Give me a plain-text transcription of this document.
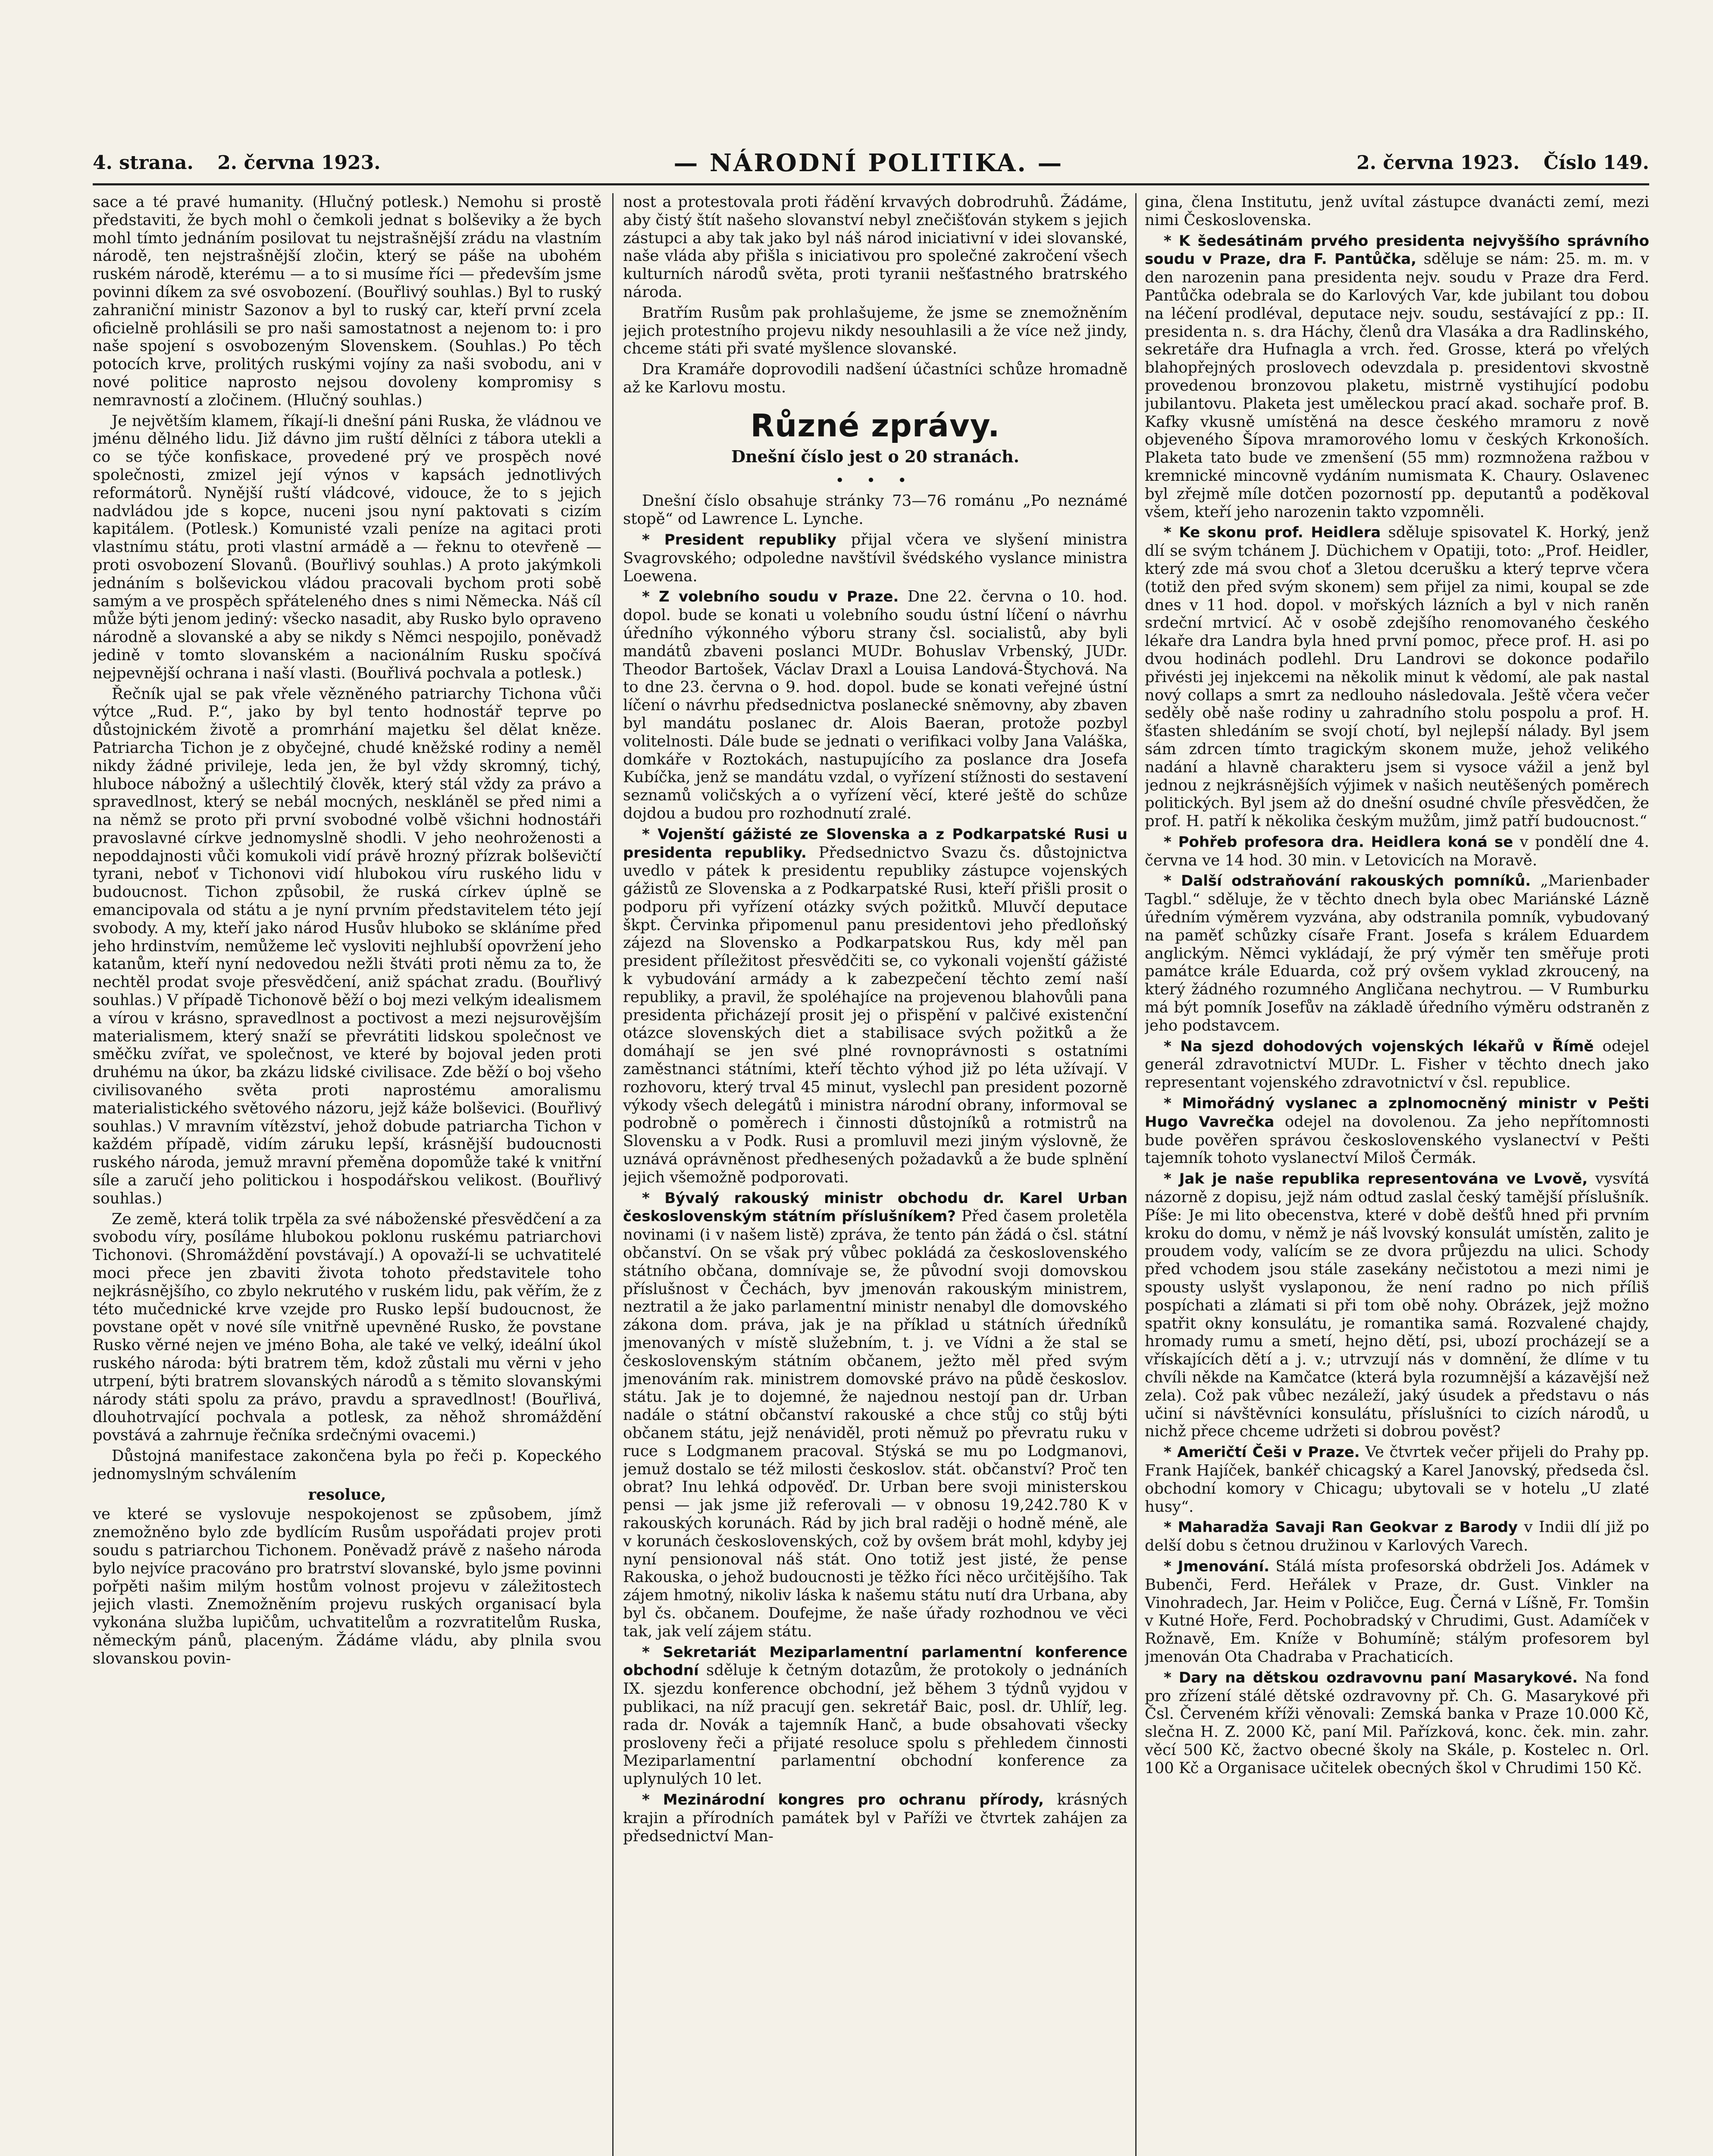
4. strana. 2. června 1923.	— NÁRODNÍ POLITIKA. —	2. června 1923. Číslo 149.

sace a té pravé humanity. (Hlučný potlesk.) Nemohu si prostě představiti, že bych mohl o čemkoli jednat s bolševiky a že bych mohl tímto jednáním posilovat tu nejstrašnější zrádu na vlastním národě, ten nejstrašnější zločin, který se páše na ubohém ruském národě, kterému — a to si musíme říci — především jsme povinni díkem za své osvobození. (Bouřlivý souhlas.) Byl to ruský zahraniční ministr Sazonov a byl to ruský car, kteří první zcela oficielně prohlásili se pro naši samostatnost a nejenom to: i pro naše spojení s osvobozeným Slovenskem. (Souhlas.) Po těch potocích krve, prolitých ruskými vojíny za naši svobodu, ani v nové politice naprosto nejsou dovoleny kompromisy s nemravností a zločinem. (Hlučný souhlas.)

Je největším klamem, říkají-li dnešní páni Ruska, že vládnou ve jménu dělného lidu. Již dávno jim ruští dělníci z tábora utekli a co se týče konfiskace, provedené prý ve prospěch nové společnosti, zmizel její výnos v kapsách jednotlivých reformátorů. Nynější ruští vládcové, vidouce, že to s jejich nadvládou jde s kopce, nuceni jsou nyní paktovati s cizím kapitálem. (Potlesk.) Komunisté vzali peníze na agitaci proti vlastnímu státu, proti vlastní armádě a — řeknu to otevřeně — proti osvobození Slovanů. (Bouřlivý souhlas.) A proto jakýmkoli jednáním s bolševickou vládou pracovali bychom proti sobě samým a ve prospěch spřáteleného dnes s nimi Německa. Náš cíl může býti jenom jediný: všecko nasadit, aby Rusko bylo opraveno národně a slovanské a aby se nikdy s Němci nespojilo, poněvadž jedině v tomto slovanském a nacionálním Rusku spočívá nejpevnější ochrana i naší vlasti. (Bouřlivá pochvala a potlesk.)

Řečník ujal se pak vřele vězněného patriarchy Tichona vůči výtce „Rud. P.“, jako by byl tento hodnostář teprve po důstojnickém životě a promrhání majetku šel dělat kněze. Patriarcha Tichon je z obyčejné, chudé kněžské rodiny a neměl nikdy žádné privileje, leda jen, že byl vždy skromný, tichý, hluboce nábožný a ušlechtilý člověk, který stál vždy za právo a spravedlnost, který se nebál mocných, neskláněl se před nimi a na němž se proto při první svobodné volbě všichni hodnostáři pravoslavné církve jednomyslně shodli. V jeho neohroženosti a nepoddajnosti vůči komukoli vidí právě hrozný přízrak bolševičtí tyrani, neboť v Tichonovi vidí hlubokou víru ruského lidu v budoucnost. Tichon způsobil, že ruská církev úplně se emancipovala od státu a je nyní prvním představitelem této její svobody. A my, kteří jako národ Husův hluboko se skláníme před jeho hrdinstvím, nemůžeme leč vysloviti nejhlubší opovržení jeho katanům, kteří nyní nedovedou nežli štváti proti němu za to, že nechtěl prodat svoje přesvědčení, aniž spáchat zradu. (Bouřlivý souhlas.) V případě Tichonově běží o boj mezi velkým idealismem a vírou v krásno, spravedlnost a poctivost a mezi nejsurovějším materialismem, který snaží se převrátiti lidskou společnost ve směčku zvířat, ve společnost, ve které by bojoval jeden proti druhému na úkor, ba zkázu lidské civilisace. Zde běží o boj všeho civilisovaného světa proti naprostému amoralismu materialistického světového názoru, jejž káže bolševici. (Bouřlivý souhlas.) V mravním vítězství, jehož dobude patriarcha Tichon v každém případě, vidím záruku lepší, krásnější budoucnosti ruského národa, jemuž mravní přeměna dopomůže také k vnitřní síle a zaručí jeho politickou i hospodářskou velikost. (Bouřlivý souhlas.)

Ze země, která tolik trpěla za své náboženské přesvědčení a za svobodu víry, posíláme hlubokou poklonu ruskému patriarchovi Tichonovi. (Shromáždění povstávají.) A opovaží-li se uchvatitelé moci přece jen zbaviti života tohoto představitele toho nejkrásnějšího, co zbylo nekrutého v ruském lidu, pak věřím, že z této mučednické krve vzejde pro Rusko lepší budoucnost, že povstane opět v nové síle vnitřně upevněné Rusko, že povstane Rusko věrné nejen ve jméno Boha, ale také ve velký, ideální úkol ruského národa: býti bratrem těm, kdož zůstali mu věrni v jeho utrpení, býti bratrem slovanských národů a s těmito slovanskými národy státi spolu za právo, pravdu a spravedlnost! (Bouřlivá, dlouhotrvající pochvala a potlesk, za něhož shromáždění povstává a zahrnuje řečníka srdečnými ovacemi.)

Důstojná manifestace zakončena byla po řeči p. Kopeckého jednomyslným schválením

resoluce,

ve které se vyslovuje nespokojenost se způsobem, jímž znemožněno bylo zde bydlícím Rusům uspořádati projev proti soudu s patriarchou Tichonem. Poněvadž právě z našeho národa bylo nejvíce pracováno pro bratrství slovanské, bylo jsme povinni pořpěti našim milým hostům volnost projevu v záležitostech jejich vlasti. Znemožněním projevu ruských organisací byla vykonána služba lupičům, uchvatitelům a rozvratitelům Ruska, německým pánů, placeným. Žádáme vládu, aby plnila svou slovanskou povin-

nost a protestovala proti řádění krvavých dobrodruhů. Žádáme, aby čistý štít našeho slovanství nebyl znečišťován stykem s jejich zástupci a aby tak jako byl náš národ iniciativní v idei slovanské, naše vláda aby přišla s iniciativou pro společné zakročení všech kulturních národů světa, proti tyranii nešťastného bratrského národa.

Bratřím Rusům pak prohlašujeme, že jsme se znemožněním jejich protestního projevu nikdy nesouhlasili a že více než jindy, chceme státi při svaté myšlence slovanské.

Dra Kramáře doprovodili nadšení účastníci schůze hromadně až ke Karlovu mostu.

Různé zprávy.
Dnešní číslo jest o 20 stranách.
• • •

Dnešní číslo obsahuje stránky 73—76 románu „Po neznámé stopě“ od Lawrence L. Lynche.

* President republiky přijal včera ve slyšení ministra Svagrovského; odpoledne navštívil švédského vyslance ministra Loewena.

* Z volebního soudu v Praze. Dne 22. června o 10. hod. dopol. bude se konati u volebního soudu ústní líčení o návrhu úředního výkonného výboru strany čsl. socialistů, aby byli mandátů zbaveni poslanci MUDr. Bohuslav Vrbenský, JUDr. Theodor Bartošek, Václav Draxl a Louisa Landová-Štychová. Na to dne 23. června o 9. hod. dopol. bude se konati veřejné ústní líčení o návrhu předsednictva poslanecké sněmovny, aby zbaven byl mandátu poslanec dr. Alois Baeran, protože pozbyl volitelnosti. Dále bude se jednati o verifikaci volby Jana Valáška, domkáře v Roztokách, nastupujícího za poslance dra Josefa Kubíčka, jenž se mandátu vzdal, o vyřízení stížnosti do sestavení seznamů voličských a o vyřízení věcí, které ještě do schůze dojdou a budou pro rozhodnutí zralé.

* Vojenští gážisté ze Slovenska a z Podkarpatské Rusi u presidenta republiky. Předsednictvo Svazu čs. důstojnictva uvedlo v pátek k presidentu republiky zástupce vojenských gážistů ze Slovenska a z Podkarpatské Rusi, kteří přišli prosit o podporu při vyřízení otázky svých požitků. Mluvčí deputace škpt. Červinka připomenul panu presidentovi jeho předloňský zájezd na Slovensko a Podkarpatskou Rus, kdy měl pan president příležitost přesvědčiti se, co vykonali vojenští gážisté k vybudování armády a k zabezpečení těchto zemí naší republiky, a pravil, že spoléhajíce na projevenou blahovůli pana presidenta přicházejí prosit jej o přispění v palčivé existenční otázce slovenských diet a stabilisace svých požitků a že domáhají se jen své plné rovnoprávnosti s ostatními zaměstnanci státními, kteří těchto výhod již po léta užívají. V rozhovoru, který trval 45 minut, vyslechl pan president pozorně výkody všech delegátů i ministra národní obrany, informoval se podrobně o poměrech i činnosti důstojníků a rotmistrů na Slovensku a v Podk. Rusi a promluvil mezi jiným výslovně, že uznává oprávněnost předhesených požadavků a že bude splnění jejich všemožně podporovati.

* Bývalý rakouský ministr obchodu dr. Karel Urban československým státním příslušníkem? Před časem proletěla novinami (i v našem listě) zpráva, že tento pán žádá o čsl. státní občanství. On se však prý vůbec pokládá za československého státního občana, domnívaje se, že původní svoji domovskou příslušnost v Čechách, byv jmenován rakouským ministrem, neztratil a že jako parlamentní ministr nenabyl dle domovského zákona dom. práva, jak je na příklad u státních úředníků jmenovaných v místě služebním, t. j. ve Vídni a že stal se československým státním občanem, ježto měl před svým jmenováním rak. ministrem domovské právo na půdě českoslov. státu. Jak je to dojemné, že najednou nestojí pan dr. Urban nadále o státní občanství rakouské a chce stůj co stůj býti občanem státu, jejž nenáviděl, proti němuž po převratu ruku v ruce s Lodgmanem pracoval. Stýská se mu po Lodgmanovi, jemuž dostalo se též milosti českoslov. stát. občanství? Proč ten obrat? Inu lehká odpověď. Dr. Urban bere svoji ministerskou pensi — jak jsme již referovali — v obnosu 19,242.780 K v rakouských korunách. Rád by jich bral raději o hodně méně, ale v korunách československých, což by ovšem brát mohl, kdyby jej nyní pensionoval náš stát. Ono totiž jest jisté, že pense Rakouska, o jehož budoucnosti je těžko říci něco určitějšího. Tak zájem hmotný, nikoliv láska k našemu státu nutí dra Urbana, aby byl čs. občanem. Doufejme, že naše úřady rozhodnou ve věci tak, jak velí zájem státu.

* Sekretariát Meziparlamentní parlamentní konference obchodní sděluje k četným dotazům, že protokoly o jednáních IX. sjezdu konference obchodní, jež během 3 týdnů vyjdou v publikaci, na níž pracují gen. sekretář Baic, posl. dr. Uhlíř, leg. rada dr. Novák a tajemník Hanč, a bude obsahovati všecky prosloveny řeči a přijaté resoluce spolu s přehledem činnosti Meziparlamentní parlamentní obchodní konference za uplynulých 10 let.

* Mezinárodní kongres pro ochranu přírody, krásných krajin a přírodních památek byl v Paříži ve čtvrtek zahájen za předsednictví Man-

gina, člena Institutu, jenž uvítal zástupce dvanácti zemí, mezi nimi Československa.

* K šedesátinám prvého presidenta nejvyššího správního soudu v Praze, dra F. Pantůčka, sděluje se nám: 25. m. m. v den narozenin pana presidenta nejv. soudu v Praze dra Ferd. Pantůčka odebrala se do Karlových Var, kde jubilant tou dobou na léčení prodléval, deputace nejv. soudu, sestávající z pp.: II. presidenta n. s. dra Háchy, členů dra Vlasáka a dra Radlinského, sekretáře dra Hufnagla a vrch. řed. Grosse, která po vřelých blahopřejných proslovech odevzdala p. presidentovi skvostně provedenou bronzovou plaketu, mistrně vystihující podobu jubilantovu. Plaketa jest uměleckou prací akad. sochaře prof. B. Kafky vkusně umístěná na desce českého mramoru z nově objeveného Šípova mramorového lomu v českých Krkonoších. Plaketa tato bude ve zmenšení (55 mm) rozmnožena ražbou v kremnické mincovně vydáním numismata K. Chaury. Oslavenec byl zřejmě míle dotčen pozorností pp. deputantů a poděkoval všem, kteří jeho narozenin takto vzpomněli.

* Ke skonu prof. Heidlera sděluje spisovatel K. Horký, jenž dlí se svým tchánem J. Düchichem v Opatiji, toto: „Prof. Heidler, který zde má svou choť a 3letou dcerušku a který teprve včera (totiž den před svým skonem) sem přijel za nimi, koupal se zde dnes v 11 hod. dopol. v mořských lázních a byl v nich raněn srdeční mrtvicí. Ač v osobě zdejšího renomovaného českého lékaře dra Landra byla hned první pomoc, přece prof. H. asi po dvou hodinách podlehl. Dru Landrovi se dokonce podařilo přivésti jej injekcemi na několik minut k vědomí, ale pak nastal nový collaps a smrt za nedlouho následovala. Ještě včera večer seděly obě naše rodiny u zahradního stolu pospolu a prof. H. šťasten shledáním se svojí chotí, byl nejlepší nálady. Byl jsem sám zdrcen tímto tragickým skonem muže, jehož velikého nadání a hlavně charakteru jsem si vysoce vážil a jenž byl jednou z nejkrásnějších výjimek v našich neutěšených poměrech politických. Byl jsem až do dnešní osudné chvíle přesvědčen, že prof. H. patří k několika českým mužům, jimž patří budoucnost.“

* Pohřeb profesora dra. Heidlera koná se v pondělí dne 4. června ve 14 hod. 30 min. v Letovicích na Moravě.

* Další odstraňování rakouských pomníků. „Marienbader Tagbl.“ sděluje, že v těchto dnech byla obec Mariánské Lázně úředním výměrem vyzvána, aby odstranila pomník, vybudovaný na paměť schůzky císaře Frant. Josefa s králem Eduardem anglickým. Němci vykládají, že prý výměr ten směřuje proti památce krále Eduarda, což prý ovšem vyklad zkroucený, na který žádného rozumného Angličana nechytrou. — V Rumburku má být pomník Josefův na základě úředního výměru odstraněn z jeho podstavcem.

* Na sjezd dohodových vojenských lékařů v Římě odejel generál zdravotnictví MUDr. L. Fisher v těchto dnech jako representant vojenského zdravotnictví v čsl. republice.

* Mimořádný vyslanec a zplnomocněný ministr v Pešti Hugo Vavrečka odejel na dovolenou. Za jeho nepřítomnosti bude pověřen správou československého vyslanectví v Pešti tajemník tohoto vyslanectví Miloš Čermák.

* Jak je naše republika representována ve Lvově, vysvítá názorně z dopisu, jejž nám odtud zaslal český tamější příslušník. Píše: Je mi lito obecenstva, které v době dešťů hned při prvním kroku do domu, v němž je náš lvovský konsulát umístěn, zalito je proudem vody, valícím se ze dvora průjezdu na ulici. Schody před vchodem jsou stále zasekány nečistotou a mezi nimi je spousty uslyšt vyslaponou, že není radno po nich příliš pospíchati a zlámati si při tom obě nohy. Obrázek, jejž možno spatřit okny konsulátu, je romantika samá. Rozvalené chajdy, hromady rumu a smetí, hejno dětí, psi, ubozí procházejí se a vřískajících dětí a j. v.; utrvzují nás v domnění, že dlíme v tu chvíli někde na Kamčatce (která byla rozumnější a kázavější než zela). Což pak vůbec nezáleží, jaký úsudek a představu o nás učiní si návštěvníci konsulátu, příslušníci to cizích národů, u nichž přece chceme udržeti si dobrou pověst?

* Američtí Češi v Praze. Ve čtvrtek večer přijeli do Prahy pp. Frank Hajíček, bankéř chicagský a Karel Janovský, předseda čsl. obchodní komory v Chicagu; ubytovali se v hotelu „U zlaté husy“.

* Maharadža Savaji Ran Geokvar z Barody v Indii dlí již po delší dobu s četnou družinou v Karlových Varech.

* Jmenování. Stálá místa profesorská obdrželi Jos. Adámek v Bubenči, Ferd. Heřálek v Praze, dr. Gust. Vinkler na Vinohradech, Jar. Heim v Poličce, Eug. Černá v Líšně, Fr. Tomšin v Kutné Hoře, Ferd. Pochobradský v Chrudimi, Gust. Adamíček v Rožnavě, Em. Kníže v Bohumíně; stálým profesorem byl jmenován Ota Chadraba v Prachaticích.

* Dary na dětskou ozdravovnu paní Masarykové. Na fond pro zřízení stálé dětské ozdravovny př. Ch. G. Masarykové při Čsl. Červeném kříži věnovali: Zemská banka v Praze 10.000 Kč, slečna H. Z. 2000 Kč, paní Mil. Pařízková, konc. ček. min. zahr. věcí 500 Kč, žactvo obecné školy na Skále, p. Kostelec n. Orl. 100 Kč a Organisace učitelek obecných škol v Chrudimi 150 Kč.
